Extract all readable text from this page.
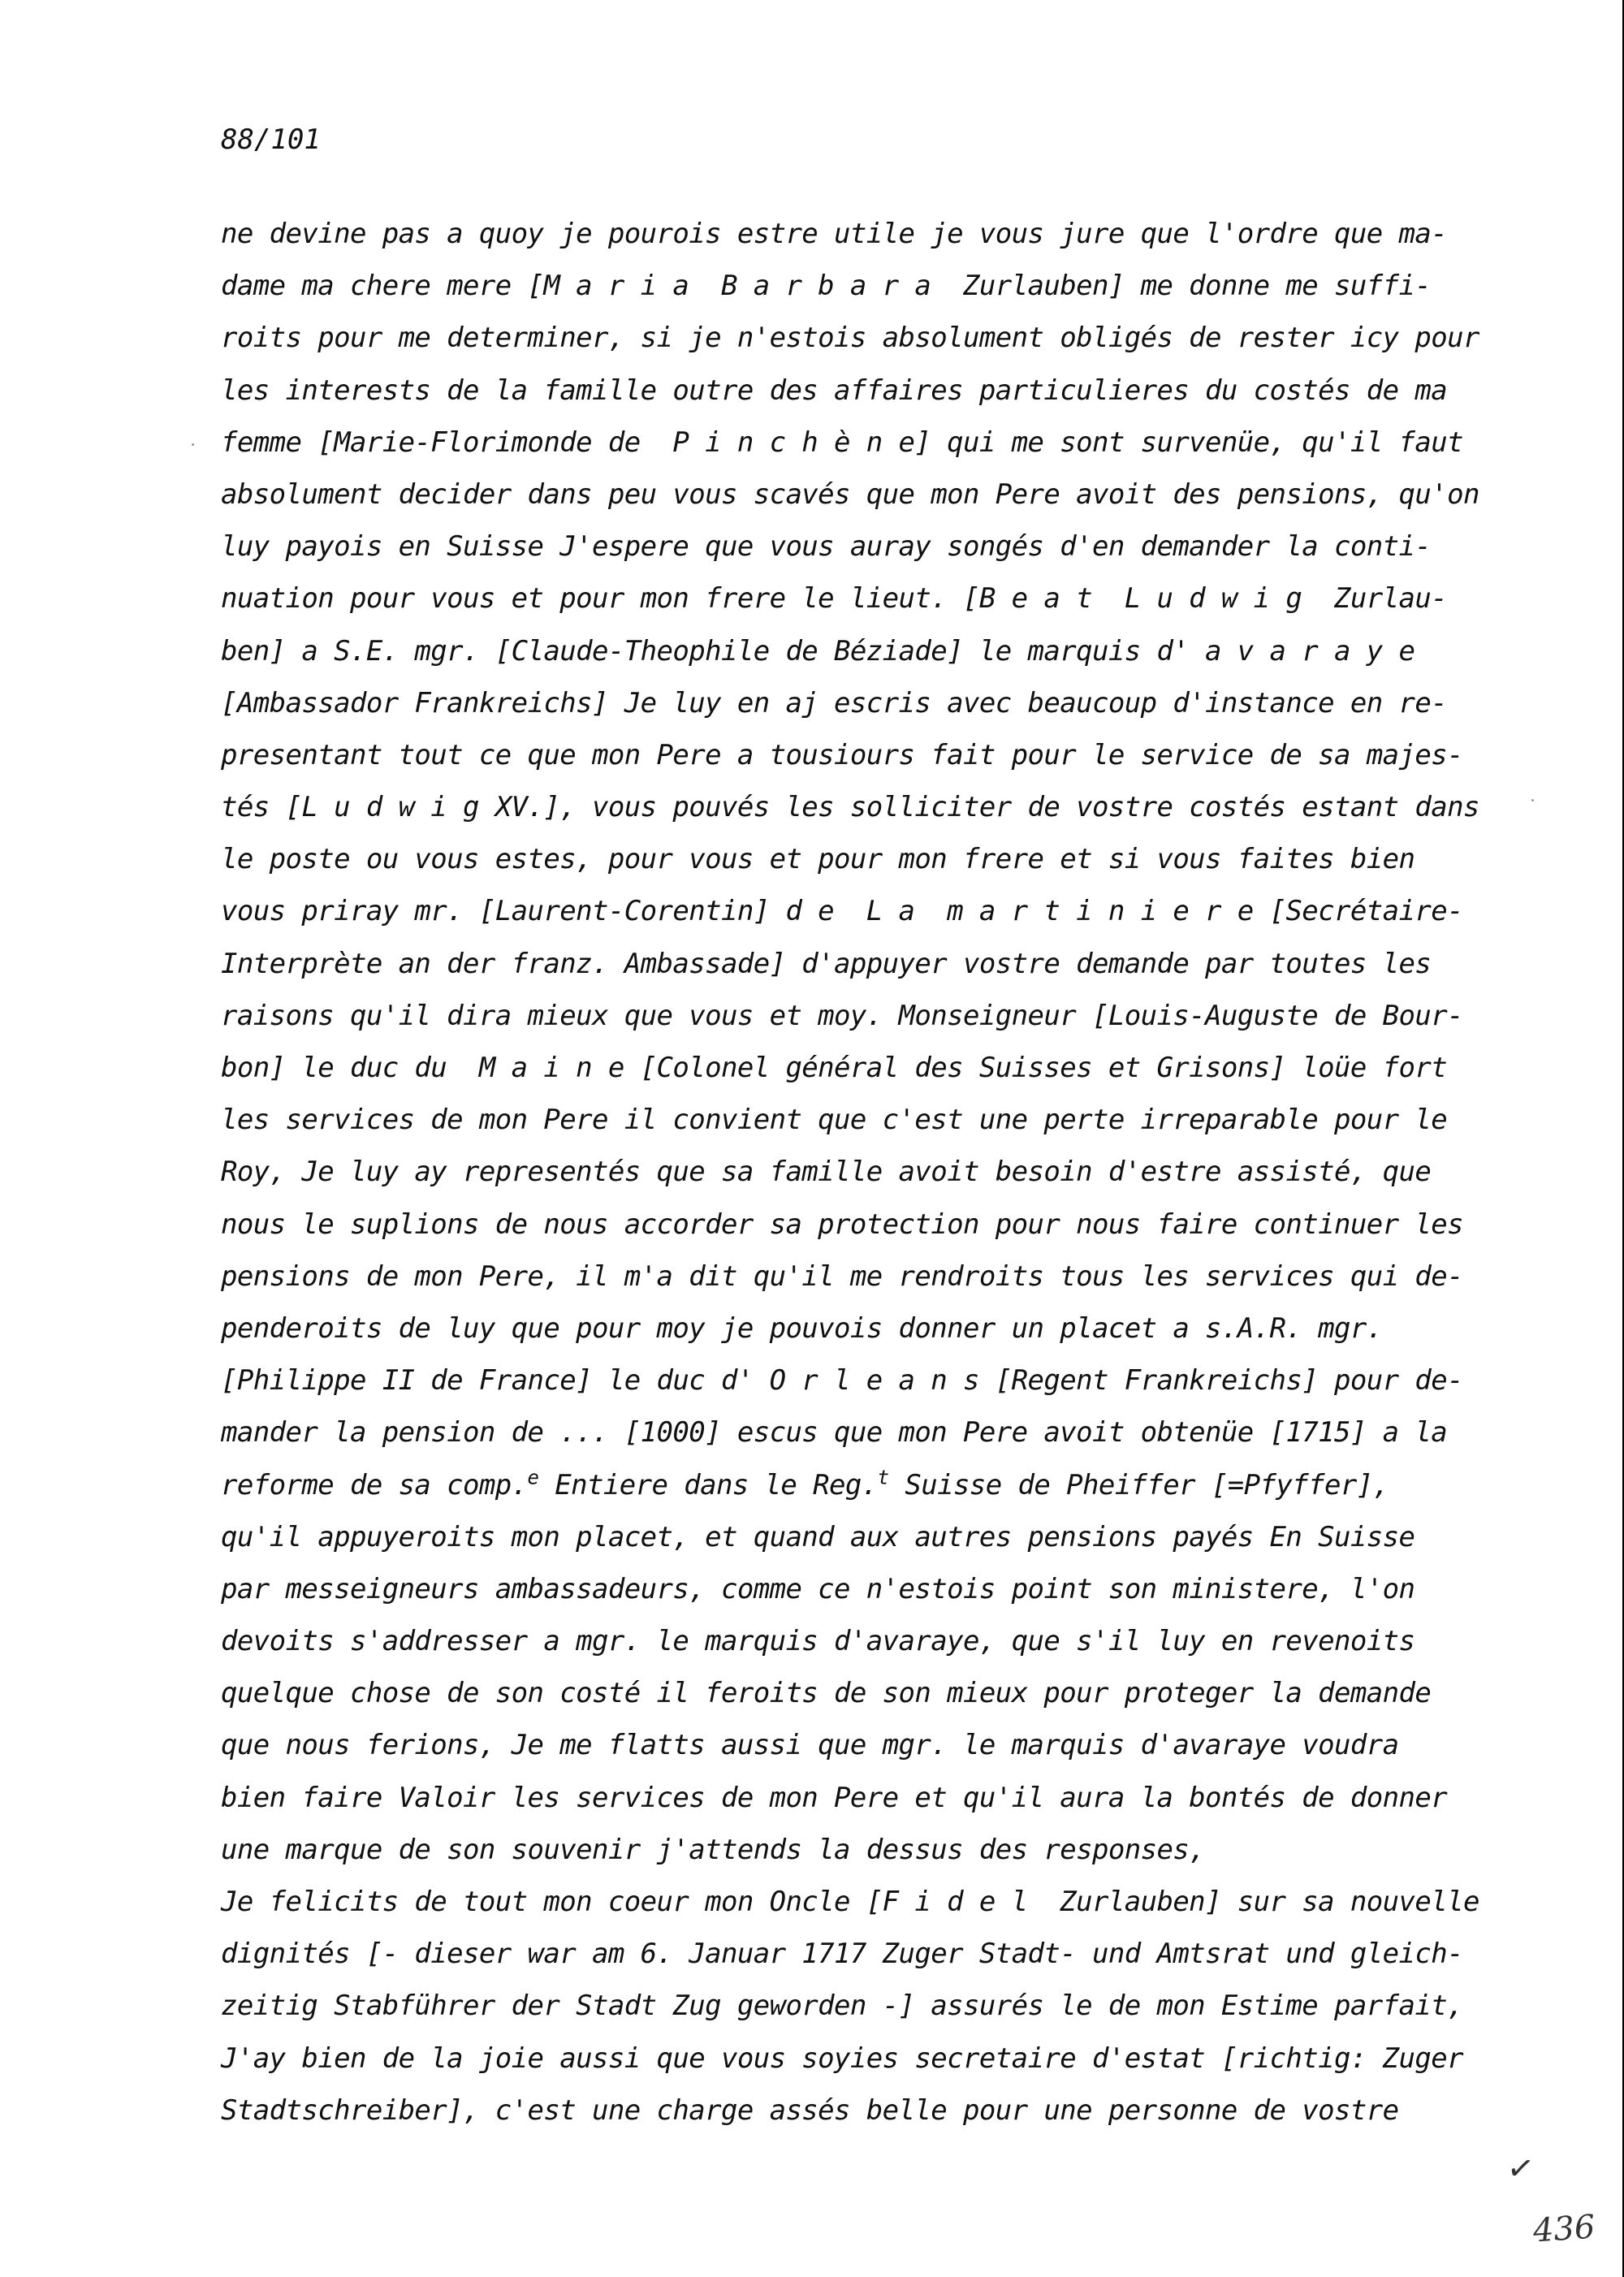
88/101

ne devine pas a quoy je pourois estre utile je vous jure que l'ordre que ma-
dame ma chere mere [M a r i a  B a r b a r a  Zurlauben] me donne me suffi-
roits pour me determiner, si je n'estois absolument obligés de rester icy pour
les interests de la famille outre des affaires particulieres du costés de ma
femme [Marie-Florimonde de  P i n c h è n e] qui me sont survenüe, qu'il faut
absolument decider dans peu vous scavés que mon Pere avoit des pensions, qu'on
luy payois en Suisse J'espere que vous auray songés d'en demander la conti-
nuation pour vous et pour mon frere le lieut. [B e a t  L u d w i g  Zurlau-
ben] a S.E. mgr. [Claude-Theophile de Béziade] le marquis d' a v a r a y e
[Ambassador Frankreichs] Je luy en aj escris avec beaucoup d'instance en re-
presentant tout ce que mon Pere a tousiours fait pour le service de sa majes-
tés [L u d w i g XV.], vous pouvés les solliciter de vostre costés estant dans
le poste ou vous estes, pour vous et pour mon frere et si vous faites bien
vous priray mr. [Laurent-Corentin] d e  L a  m a r t i n i e r e [Secrétaire-
Interprète an der franz. Ambassade] d'appuyer vostre demande par toutes les
raisons qu'il dira mieux que vous et moy. Monseigneur [Louis-Auguste de Bour-
bon] le duc du  M a i n e [Colonel général des Suisses et Grisons] loüe fort
les services de mon Pere il convient que c'est une perte irreparable pour le
Roy, Je luy ay representés que sa famille avoit besoin d'estre assisté, que
nous le suplions de nous accorder sa protection pour nous faire continuer les
pensions de mon Pere, il m'a dit qu'il me rendroits tous les services qui de-
penderoits de luy que pour moy je pouvois donner un placet a s.A.R. mgr.
[Philippe II de France] le duc d' O r l e a n s [Regent Frankreichs] pour de-
mander la pension de ... [1000] escus que mon Pere avoit obtenüe [1715] a la
reforme de sa comp.$^e$ Entiere dans le Reg.$^t$ Suisse de Pheiffer [=Pfyffer],
qu'il appuyeroits mon placet, et quand aux autres pensions payés En Suisse
par messeigneurs ambassadeurs, comme ce n'estois point son ministere, l'on
devoits s'addresser a mgr. le marquis d'avaraye, que s'il luy en revenoits
quelque chose de son costé il feroits de son mieux pour proteger la demande
que nous ferions, Je me flatts aussi que mgr. le marquis d'avaraye voudra
bien faire Valoir les services de mon Pere et qu'il aura la bontés de donner
une marque de son souvenir j'attends la dessus des responses,
Je felicits de tout mon coeur mon Oncle [F i d e l  Zurlauben] sur sa nouvelle
dignités [- dieser war am 6. Januar 1717 Zuger Stadt- und Amtsrat und gleich-
zeitig Stabführer der Stadt Zug geworden -] assurés le de mon Estime parfait,
J'ay bien de la joie aussi que vous soyies secretaire d'estat [richtig: Zuger
Stadtschreiber], c'est une charge assés belle pour une personne de vostre
✓
436
